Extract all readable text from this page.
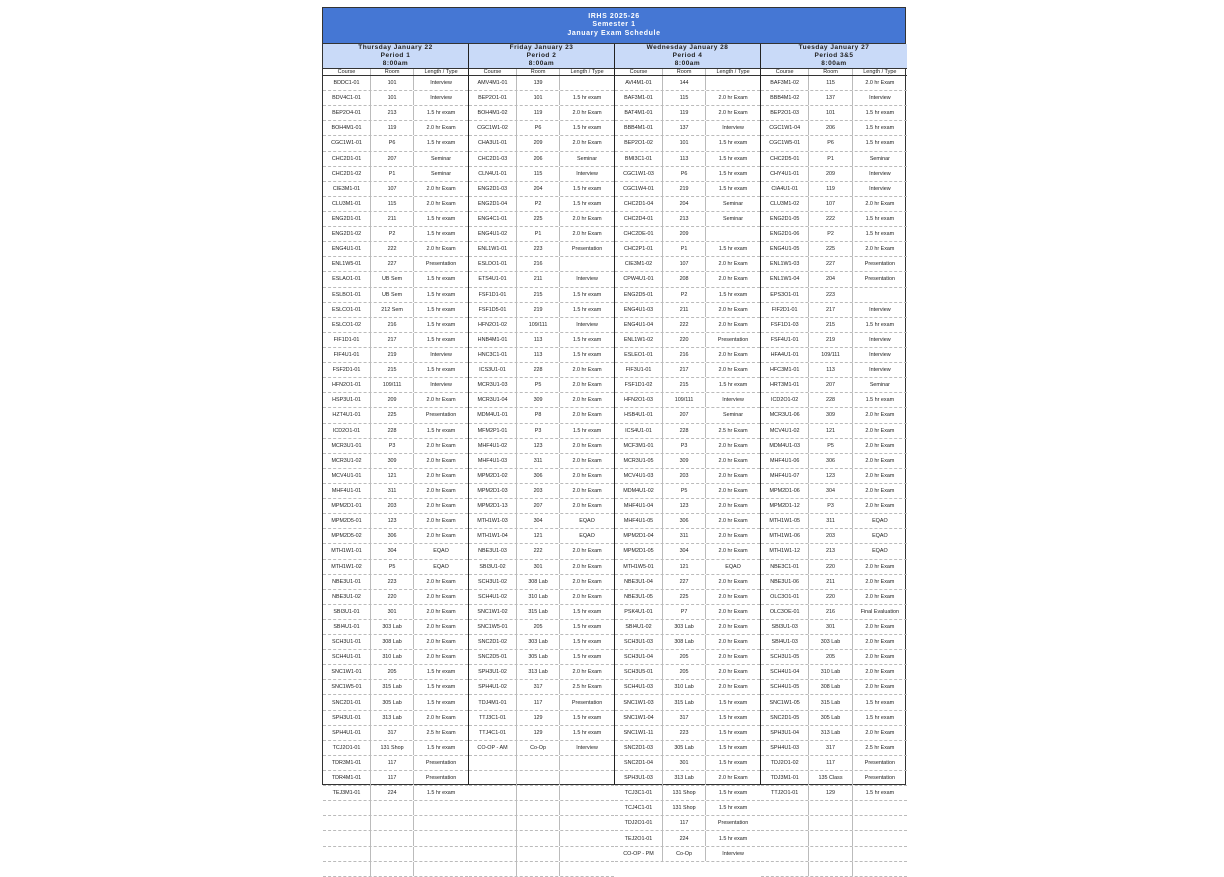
IRHS 2025-26
Semester 1
January Exam Schedule
Thursday January 22
Period 1
8:00am
Course	Room	Length / Type
BDDC1-01	101	Interview
BDV4C1-01	101	Interview
BEP2O4-01	213	1.5 hr exam
BOH4M1-01	119	2.0 hr Exam
CGC1W1-01	P6	1.5 hr exam
CHC2D1-01	207	Seminar
CHC2D1-02	P1	Seminar
CIE3M1-01	107	2.0 hr Exam
CLU3M1-01	115	2.0 hr Exam
ENG2D1-01	211	1.5 hr exam
ENG2D1-02	P2	1.5 hr exam
ENG4U1-01	222	2.0 hr Exam
ENL1W5-01	227	Presentation
ESLAO1-01	UB Sem	1.5 hr exam
ESLBO1-01	UB Sem	1.5 hr exam
ESLCO1-01	212 Sem	1.5 hr exam
ESLCO1-02	216	1.5 hr exam
FIF1D1-01	217	1.5 hr exam
FIF4U1-01	219	Interview
FSF2D1-01	215	1.5 hr exam
HFN2O1-01	109/111	Interview
HSP3U1-01	209	2.0 hr Exam
HZT4U1-01	225	Presentation
ICD2O1-01	228	1.5 hr exam
MCR3U1-01	P3	2.0 hr Exam
MCR3U1-02	309	2.0 hr Exam
MCV4U1-01	121	2.0 hr Exam
MHF4U1-01	311	2.0 hr Exam
MPM2D1-01	203	2.0 hr Exam
MPM2D5-01	123	2.0 hr Exam
MPM2D5-02	306	2.0 hr Exam
MTH1W1-01	304	EQAO
MTH1W1-02	P5	EQAO
NBE3U1-01	223	2.0 hr Exam
NBE3U1-02	220	2.0 hr Exam
SBI3U1-01	301	2.0 hr Exam
SBI4U1-01	303 Lab	2.0 hr Exam
SCH3U1-01	308 Lab	2.0 hr Exam
SCH4U1-01	310 Lab	2.0 hr Exam
SNC1W1-01	205	1.5 hr exam
SNC1W5-01	315 Lab	1.5 hr exam
SNC2D1-01	305 Lab	1.5 hr exam
SPH3U1-01	313 Lab	2.0 hr Exam
SPH4U1-01	317	2.5 hr Exam
TCJ2O1-01	131 Shop	1.5 hr exam
TDR3M1-01	117	Presentation
TDR4M1-01	117	Presentation
TEJ3M1-01	224	1.5 hr exam
Friday January 23
Period 2
8:00am
Course	Room	Length / Type
AMV4M1-01	139
BEP2O1-01	101	1.5 hr exam
BOH4M1-02	119	2.0 hr Exam
CGC1W1-02	P6	1.5 hr exam
CHA3U1-01	209	2.0 hr Exam
CHC2D1-03	206	Seminar
CLN4U1-01	115	Interview
ENG2D1-03	204	1.5 hr exam
ENG2D1-04	P2	1.5 hr exam
ENG4C1-01	225	2.0 hr Exam
ENG4U1-02	P1	2.0 hr Exam
ENL1W1-01	223	Presentation
ESLDO1-01	216
ETS4U1-01	211	Interview
FSF1D1-01	215	1.5 hr exam
FSF1D5-01	219	1.5 hr exam
HFN2O1-02	109/111	Interview
HNB4M1-01	113	1.5 hr exam
HNC3C1-01	113	1.5 hr exam
ICS3U1-01	228	2.0 hr Exam
MCR3U1-03	P5	2.0 hr Exam
MCR3U1-04	309	2.0 hr Exam
MDM4U1-01	P8	2.0 hr Exam
MFM2P1-01	P3	1.5 hr exam
MHF4U1-02	123	2.0 hr Exam
MHF4U1-03	311	2.0 hr Exam
MPM2D1-02	306	2.0 hr Exam
MPM2D1-03	203	2.0 hr Exam
MPM2D1-13	207	2.0 hr Exam
MTH1W1-03	304	EQAO
MTH1W1-04	121	EQAO
NBE3U1-03	222	2.0 hr Exam
SBI3U1-02	301	2.0 hr Exam
SCH3U1-02	308 Lab	2.0 hr Exam
SCH4U1-02	310 Lab	2.0 hr Exam
SNC1W1-02	315 Lab	1.5 hr exam
SNC1W5-01	205	1.5 hr exam
SNC2D1-02	303 Lab	1.5 hr exam
SNC2D5-01	305 Lab	1.5 hr exam
SPH3U1-02	313 Lab	2.0 hr Exam
SPH4U1-02	317	2.5 hr Exam
TDJ4M1-01	117	Presentation
TTJ3C1-01	129	1.5 hr exam
TTJ4C1-01	129	1.5 hr exam
CO-OP - AM	Co-Op	Interview
Wednesday January 28
Period 4
8:00am
Course	Room	Length / Type
AVI4M1-01	144
BAF3M1-01	115	2.0 hr Exam
BAT4M1-01	119	2.0 hr Exam
BBB4M1-01	137	Interview
BEP2O1-02	101	1.5 hr exam
BMI3C1-01	113	1.5 hr exam
CGC1W1-03	P6	1.5 hr exam
CGC1W4-01	219	1.5 hr exam
CHC2D1-04	204	Seminar
CHC2D4-01	213	Seminar
CHC2DE-01	209
CHC2P1-01	P1	1.5 hr exam
CIE3M1-02	107	2.0 hr Exam
CPW4U1-01	208	2.0 hr Exam
ENG2D5-01	P2	1.5 hr exam
ENG4U1-03	211	2.0 hr Exam
ENG4U1-04	222	2.0 hr Exam
ENL1W1-02	220	Presentation
ESLEO1-01	216	2.0 hr Exam
FIF3U1-01	217	2.0 hr Exam
FSF1D1-02	215	1.5 hr exam
HFN2O1-03	109/111	Interview
HSB4U1-01	207	Seminar
ICS4U1-01	228	2.5 hr Exam
MCF3M1-01	P3	2.0 hr Exam
MCR3U1-05	309	2.0 hr Exam
MCV4U1-03	203	2.0 hr Exam
MDM4U1-02	P5	2.0 hr Exam
MHF4U1-04	123	2.0 hr Exam
MHF4U1-05	306	2.0 hr Exam
MPM2D1-04	311	2.0 hr Exam
MPM2D1-05	304	2.0 hr Exam
MTH1W5-01	121	EQAO
NBE3U1-04	227	2.0 hr Exam
NBE3U1-05	225	2.0 hr Exam
PSK4U1-01	P7	2.0 hr Exam
SBI4U1-02	303 Lab	2.0 hr Exam
SCH3U1-03	308 Lab	2.0 hr Exam
SCH3U1-04	205	2.0 hr Exam
SCH3U5-01	205	2.0 hr Exam
SCH4U1-03	310 Lab	2.0 hr Exam
SNC1W1-03	315 Lab	1.5 hr exam
SNC1W1-04	317	1.5 hr exam
SNC1W1-11	223	1.5 hr exam
SNC2D1-03	305 Lab	1.5 hr exam
SNC2D1-04	301	1.5 hr exam
SPH3U1-03	313 Lab	2.0 hr Exam
TCJ3C1-01	131 Shop	1.5 hr exam
TCJ4C1-01	131 Shop	1.5 hr exam
TDJ2O1-01	117	Presentation
TEJ2O1-01	224	1.5 hr exam
CO-OP - PM	Co-Op	Interview
Tuesday January 27
Period 3&5
8:00am
Course	Room	Length / Type
BAF3M1-02	115	2.0 hr Exam
BBB4M1-02	137	Interview
BEP2O1-03	101	1.5 hr exam
CGC1W1-04	206	1.5 hr exam
CGC1W5-01	P6	1.5 hr exam
CHC2D5-01	P1	Seminar
CHY4U1-01	209	Interview
CIA4U1-01	119	Interview
CLU3M1-02	107	2.0 hr Exam
ENG2D1-05	222	1.5 hr exam
ENG2D1-06	P2	1.5 hr exam
ENG4U1-05	225	2.0 hr Exam
ENL1W1-03	227	Presentation
ENL1W1-04	204	Presentation
EPS3O1-01	223
FIF2D1-01	217	Interview
FSF1D1-03	215	1.5 hr exam
FSF4U1-01	219	Interview
HFA4U1-01	109/111	Interview
HFC3M1-01	113	Interview
HRT3M1-01	207	Seminar
ICD2O1-02	228	1.5 hr exam
MCR3U1-06	309	2.0 hr Exam
MCV4U1-02	121	2.0 hr Exam
MDM4U1-03	P5	2.0 hr Exam
MHF4U1-06	306	2.0 hr Exam
MHF4U1-07	123	2.0 hr Exam
MPM2D1-06	304	2.0 hr Exam
MPM2D1-12	P3	2.0 hr Exam
MTH1W1-05	311	EQAO
MTH1W1-06	203	EQAO
MTH1W1-12	213	EQAO
NBE3C1-01	220	2.0 hr Exam
NBE3U1-06	211	2.0 hr Exam
OLC3O1-01	220	2.0 hr Exam
OLC3OE-01	216	Final Evaluation
SBI3U1-03	301	2.0 hr Exam
SBI4U1-03	303 Lab	2.0 hr Exam
SCH3U1-05	205	2.0 hr Exam
SCH4U1-04	310 Lab	2.0 hr Exam
SCH4U1-05	308 Lab	2.0 hr Exam
SNC1W1-05	315 Lab	1.5 hr exam
SNC2D1-05	305 Lab	1.5 hr exam
SPH3U1-04	313 Lab	2.0 hr Exam
SPH4U1-03	317	2.5 hr Exam
TDJ2O1-02	117	Presentation
TDJ3M1-01	135 Class	Presentation
TTJ2O1-01	129	1.5 hr exam
